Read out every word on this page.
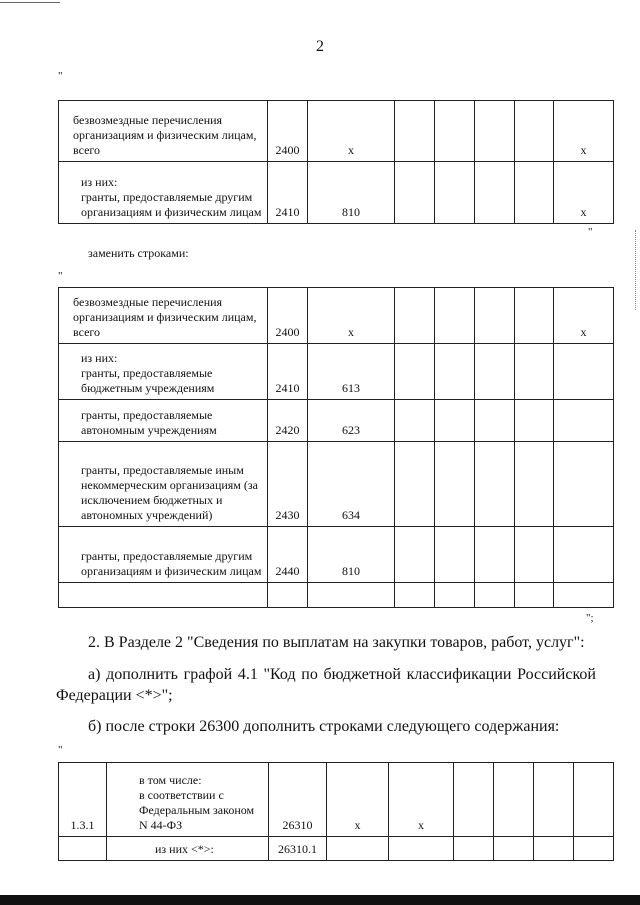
2
"
безвозмездные перечисления организациям и физическим лицам, всего	2400	х					х
из них:
гранты, предоставляемые другим организациям и физическим лицам	2410	810					х
"
заменить строками:
"
безвозмездные перечисления организациям и физическим лицам, всего	2400	х					х
из них:
гранты, предоставляемые бюджетным учреждениям	2410	613					
гранты, предоставляемые автономным учреждениям	2420	623					
гранты, предоставляемые иным некоммерческим организациям (за исключением бюджетных и автономных учреждений)	2430	634					
гранты, предоставляемые другим организациям и физическим лицам	2440	810					

";
2. В Разделе 2 "Сведения по выплатам на закупки товаров, работ, услуг":
а) дополнить графой 4.1 "Код по бюджетной классификации Российской Федерации <*>";
б) после строки 26300 дополнить строками следующего содержания:
"
1.3.1	в том числе:
в соответствии с Федеральным законом N 44-ФЗ	26310	х	х				
	из них <*>:	26310.1						
